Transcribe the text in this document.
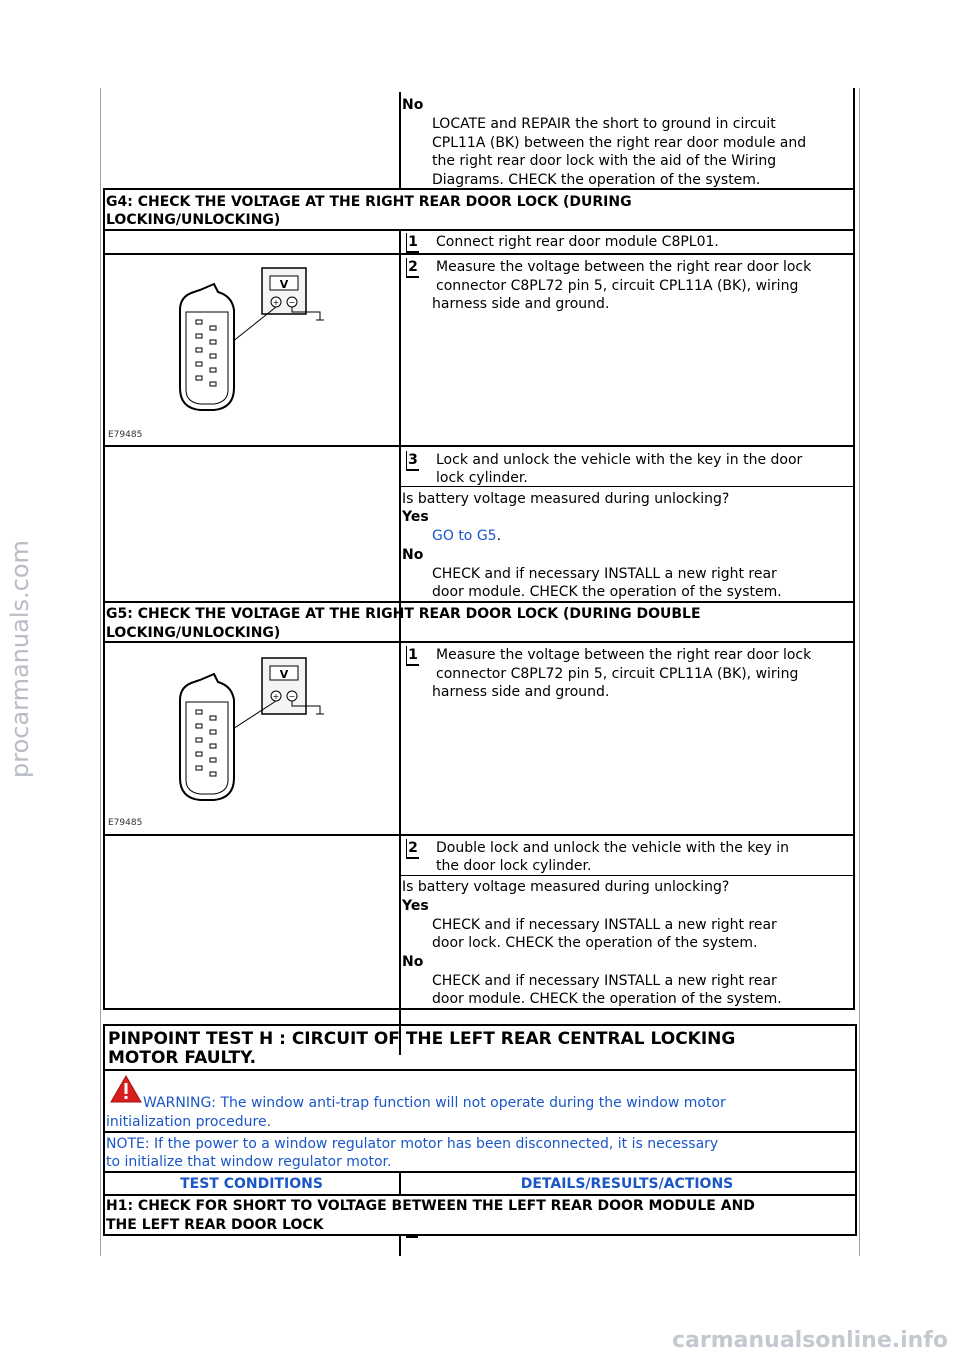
No
LOCATE and REPAIR the short to ground in circuit
CPL11A (BK) between the right rear door module and
the right rear door lock with the aid of the Wiring
Diagrams. CHECK the operation of the system.
G4: CHECK THE VOLTAGE AT THE RIGHT REAR DOOR LOCK (DURING
LOCKING/UNLOCKING)
1 Connect right rear door module C8PL01.
2 Measure the voltage between the right rear door lock
connector C8PL72 pin 5, circuit CPL11A (BK), wiring
harness side and ground.
V
+ −
E79485
3 Lock and unlock the vehicle with the key in the door
lock cylinder.
Is battery voltage measured during unlocking?
Yes
GO to G5.
No
CHECK and if necessary INSTALL a new right rear
door module. CHECK the operation of the system.
G5: CHECK THE VOLTAGE AT THE RIGHT REAR DOOR LOCK (DURING DOUBLE
LOCKING/UNLOCKING)
1 Measure the voltage between the right rear door lock
connector C8PL72 pin 5, circuit CPL11A (BK), wiring
harness side and ground.
V
+ −
E79485
2 Double lock and unlock the vehicle with the key in
the door lock cylinder.
Is battery voltage measured during unlocking?
Yes
CHECK and if necessary INSTALL a new right rear
door lock. CHECK the operation of the system.
No
CHECK and if necessary INSTALL a new right rear
door module. CHECK the operation of the system.
PINPOINT TEST H : CIRCUIT OF THE LEFT REAR CENTRAL LOCKING
MOTOR FAULTY.
WARNING: The window anti-trap function will not operate during the window motor
initialization procedure.
NOTE: If the power to a window regulator motor has been disconnected, it is necessary
to initialize that window regulator motor.
TEST CONDITIONS	DETAILS/RESULTS/ACTIONS
H1: CHECK FOR SHORT TO VOLTAGE BETWEEN THE LEFT REAR DOOR MODULE AND
THE LEFT REAR DOOR LOCK
procarmanuals.com
carmanualsonline.info
